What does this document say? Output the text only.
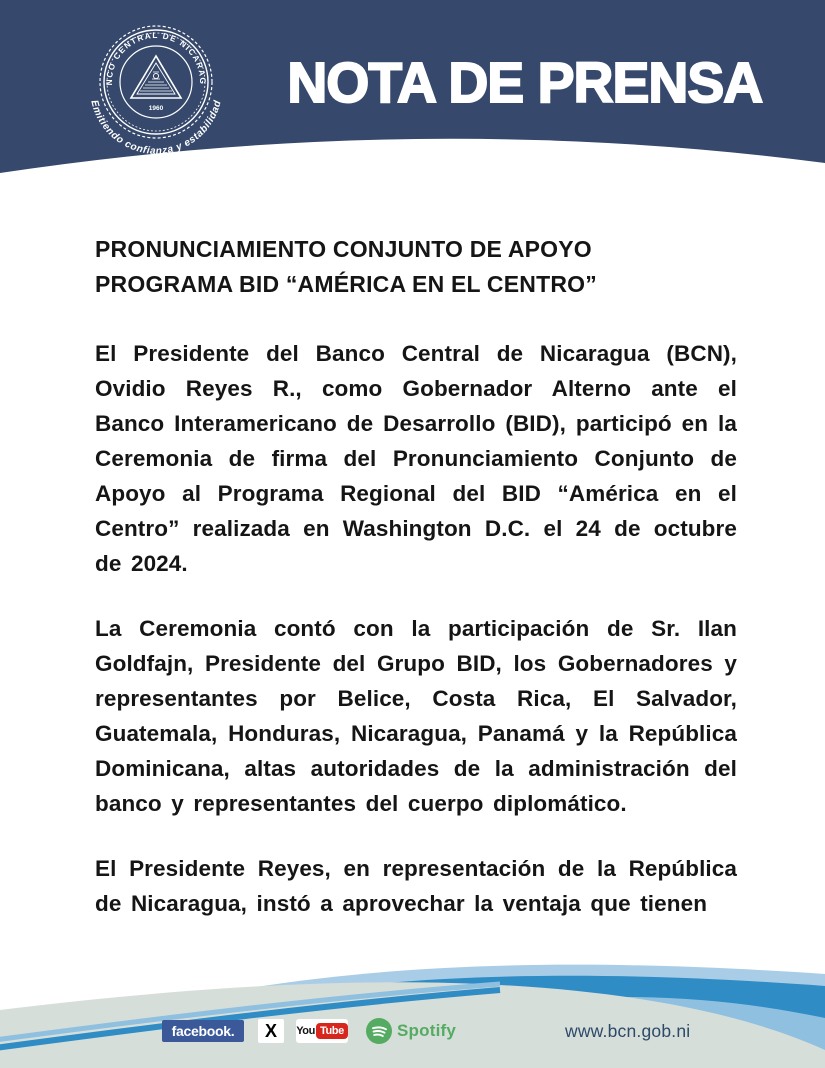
BANCO CENTRAL DE NICARAGUA
1960
Emitiendo confianza y estabilidad NOTA DE PRENSA
PRONUNCIAMIENTO CONJUNTO DE APOYO
PROGRAMA BID “AMÉRICA EN EL CENTRO”

El Presidente del Banco Central de Nicaragua (BCN), Ovidio Reyes R., como Gobernador Alterno ante el Banco Interamericano de Desarrollo (BID), participó en la Ceremonia de firma del Pronunciamiento Conjunto de Apoyo al Programa Regional del BID “América en el Centro” realizada en Washington D.C. el 24 de octubre de 2024.

La Ceremonia contó con la participación de Sr. Ilan Goldfajn, Presidente del Grupo BID, los Gobernadores y representantes por Belice, Costa Rica, El Salvador, Guatemala, Honduras, Nicaragua, Panamá y la República Dominicana, altas autoridades de la administración del banco y representantes del cuerpo diplomático.

El Presidente Reyes, en representación de la República de Nicaragua, instó a aprovechar la ventaja que tienen

facebook. X You Tube	Spotify	www.bcn.gob.ni
